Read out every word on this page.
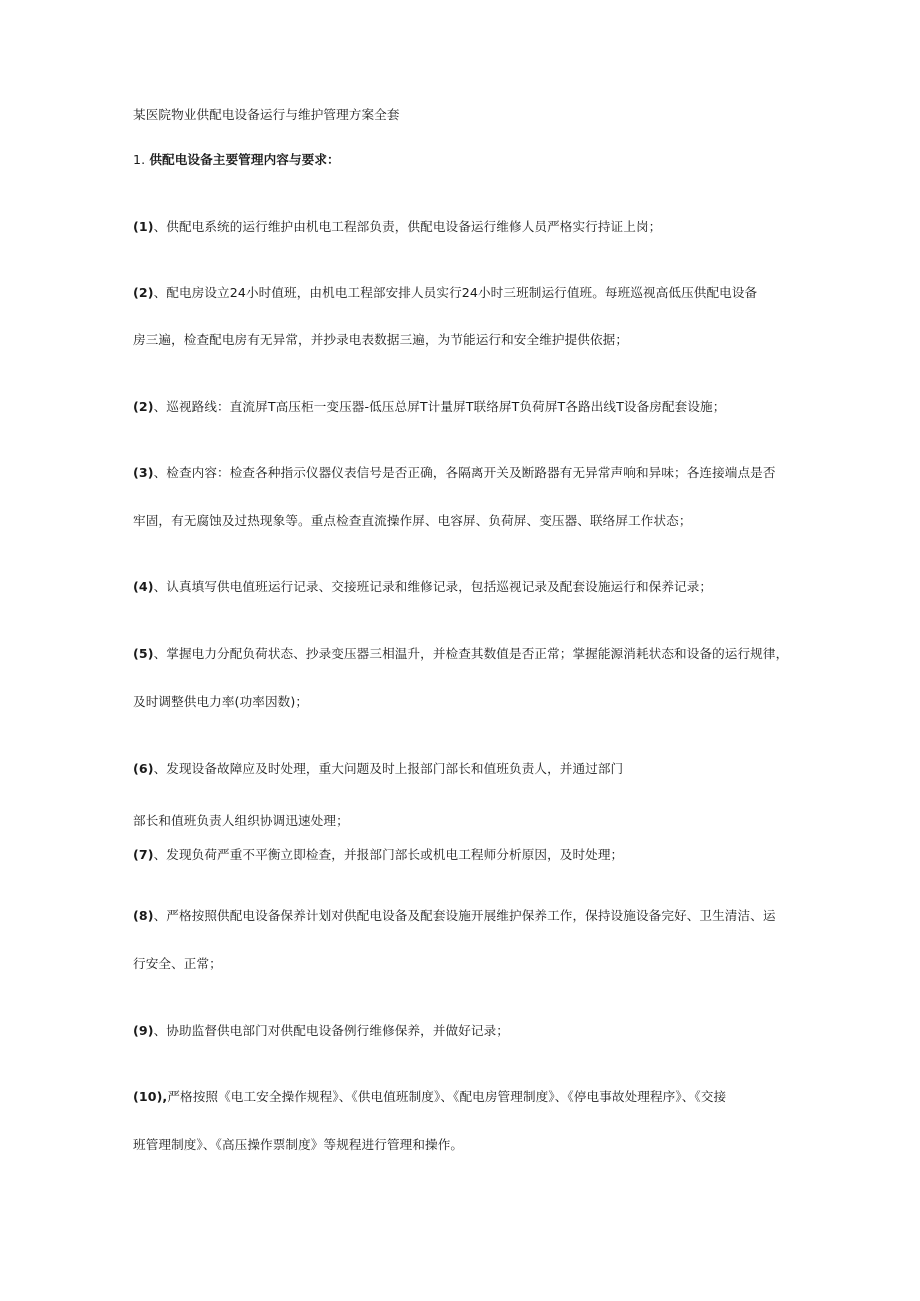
某医院物业供配电设备运行与维护管理方案全套
1. 供配电设备主要管理内容与要求：
(1)、供配电系统的运行维护由机电工程部负责，供配电设备运行维修人员严格实行持证上岗；
(2)、配电房设立24小时值班，由机电工程部安排人员实行24小时三班制运行值班。每班巡视高低压供配电设备
房三遍，检查配电房有无异常，并抄录电表数据三遍，为节能运行和安全维护提供依据；
(2)、巡视路线：直流屏T高压柜一变压器-低压总屏T计量屏T联络屏T负荷屏T各路出线T设备房配套设施；
(3)、检查内容：检查各种指示仪器仪表信号是否正确，各隔离开关及断路器有无异常声响和异味；各连接端点是否
牢固，有无腐蚀及过热现象等。重点检查直流操作屏、电容屏、负荷屏、变压器、联络屏工作状态；
(4)、认真填写供电值班运行记录、交接班记录和维修记录，包括巡视记录及配套设施运行和保养记录；
(5)、掌握电力分配负荷状态、抄录变压器三相温升，并检查其数值是否正常；掌握能源消耗状态和设备的运行规律，
及时调整供电力率(功率因数)；
(6)、发现设备故障应及时处理，重大问题及时上报部门部长和值班负责人，并通过部门
部长和值班负责人组织协调迅速处理；
(7)、发现负荷严重不平衡立即检查，并报部门部长或机电工程师分析原因，及时处理；
(8)、严格按照供配电设备保养计划对供配电设备及配套设施开展维护保养工作，保持设施设备完好、卫生清洁、运
行安全、正常；
(9)、协助监督供电部门对供配电设备例行维修保养，并做好记录；
(10),严格按照《电工安全操作规程》、《供电值班制度》、《配电房管理制度》、《停电事故处理程序》、《交接
班管理制度》、《高压操作票制度》等规程进行管理和操作。
